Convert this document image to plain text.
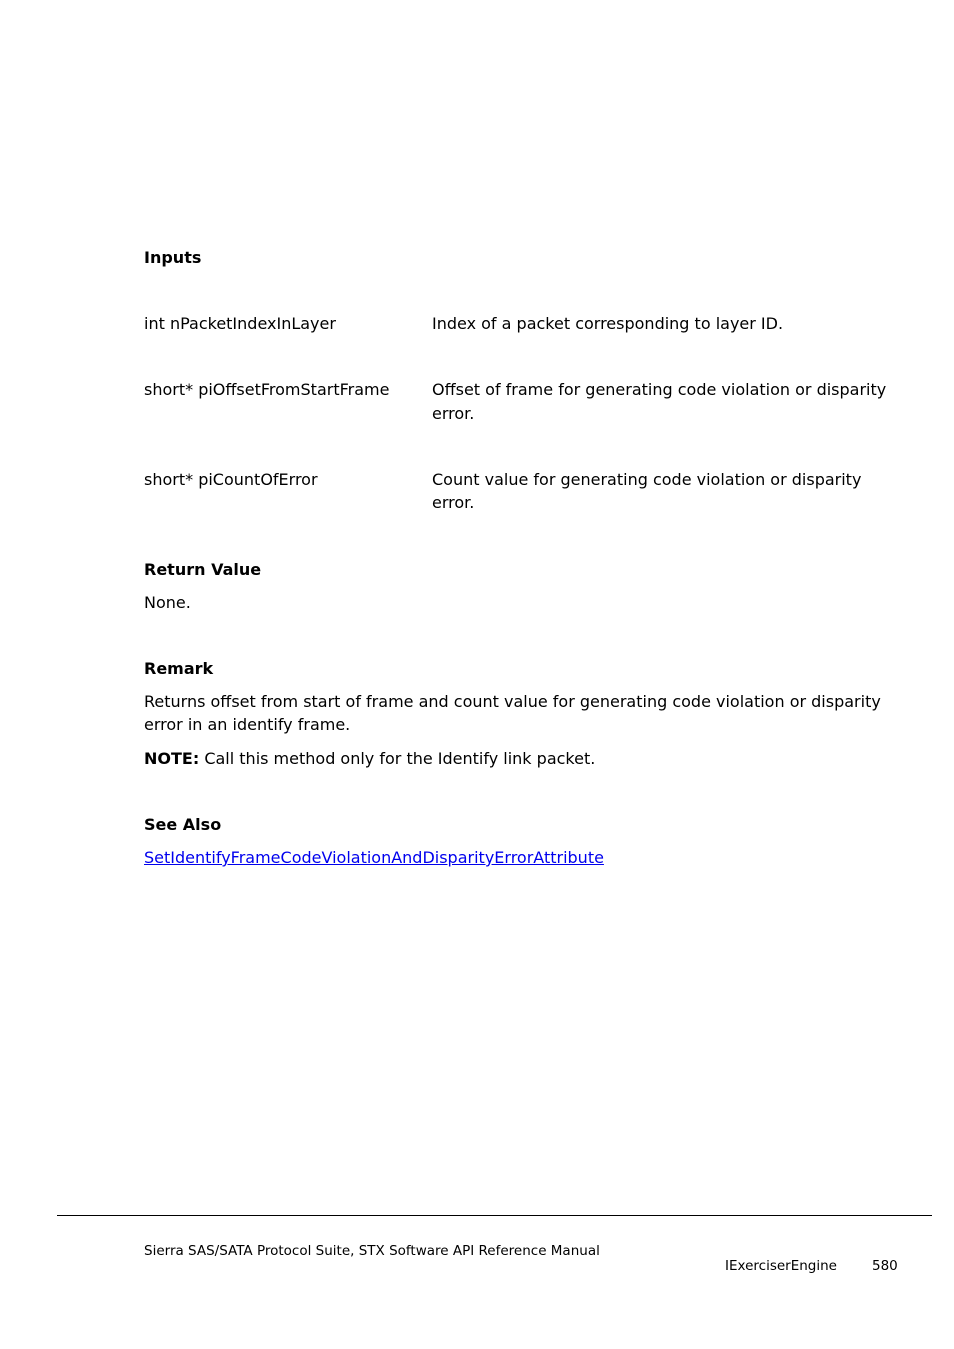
Inputs
int nPacketIndexInLayer	Index of a packet corresponding to layer ID.
short* piOffsetFromStartFrame	Offset of frame for generating code violation or disparity
error.
short* piCountOfError	Count value for generating code violation or disparity
error.
Return Value
None.
Remark
Returns offset from start of frame and count value for generating code violation or disparity
error in an identify frame.
NOTE: Call this method only for the Identify link packet.
See Also
SetIdentifyFrameCodeViolationAndDisparityErrorAttribute
Sierra SAS/SATA Protocol Suite, STX Software API Reference Manual
IExerciserEngine	580
